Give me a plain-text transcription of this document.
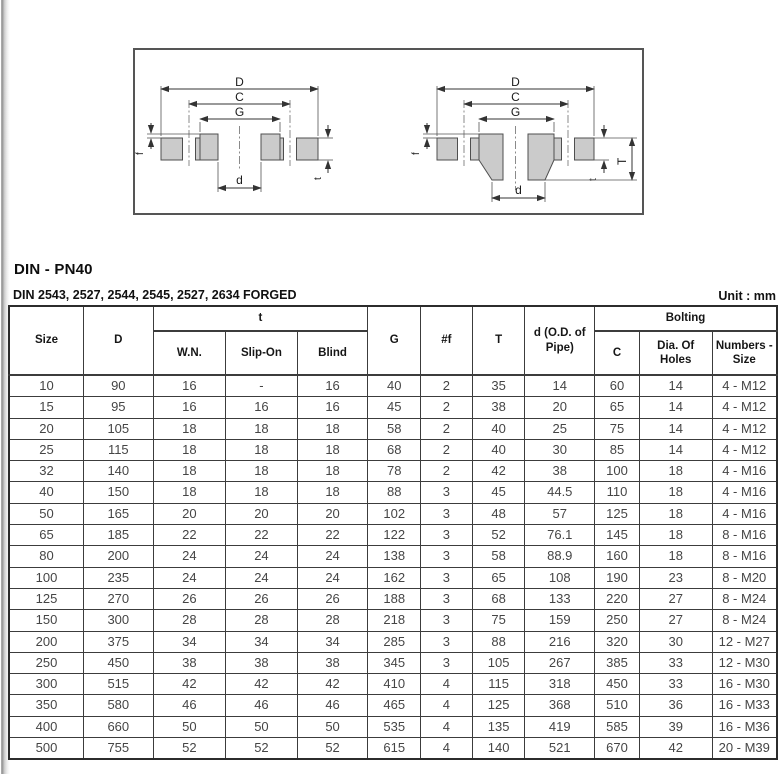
D
C
G
d
f
t
D
C
G
d
f
t
T
DIN - PN40
DIN 2543, 2527, 2544, 2545, 2527, 2634 FORGED	Unit : mm
Size	D	t			G	#f	T	d (O.D. of Pipe)	Bolting		
		W.N.	Slip-On	Blind					C	Dia. Of Holes	Numbers - Size
10	90	16	-	16	40	2	35	14	60	14	4 - M12
15	95	16	16	16	45	2	38	20	65	14	4 - M12
20	105	18	18	18	58	2	40	25	75	14	4 - M12
25	115	18	18	18	68	2	40	30	85	14	4 - M12
32	140	18	18	18	78	2	42	38	100	18	4 - M16
40	150	18	18	18	88	3	45	44.5	110	18	4 - M16
50	165	20	20	20	102	3	48	57	125	18	4 - M16
65	185	22	22	22	122	3	52	76.1	145	18	8 - M16
80	200	24	24	24	138	3	58	88.9	160	18	8 - M16
100	235	24	24	24	162	3	65	108	190	23	8 - M20
125	270	26	26	26	188	3	68	133	220	27	8 - M24
150	300	28	28	28	218	3	75	159	250	27	8 - M24
200	375	34	34	34	285	3	88	216	320	30	12 - M27
250	450	38	38	38	345	3	105	267	385	33	12 - M30
300	515	42	42	42	410	4	115	318	450	33	16 - M30
350	580	46	46	46	465	4	125	368	510	36	16 - M33
400	660	50	50	50	535	4	135	419	585	39	16 - M36
500	755	52	52	52	615	4	140	521	670	42	20 - M39
